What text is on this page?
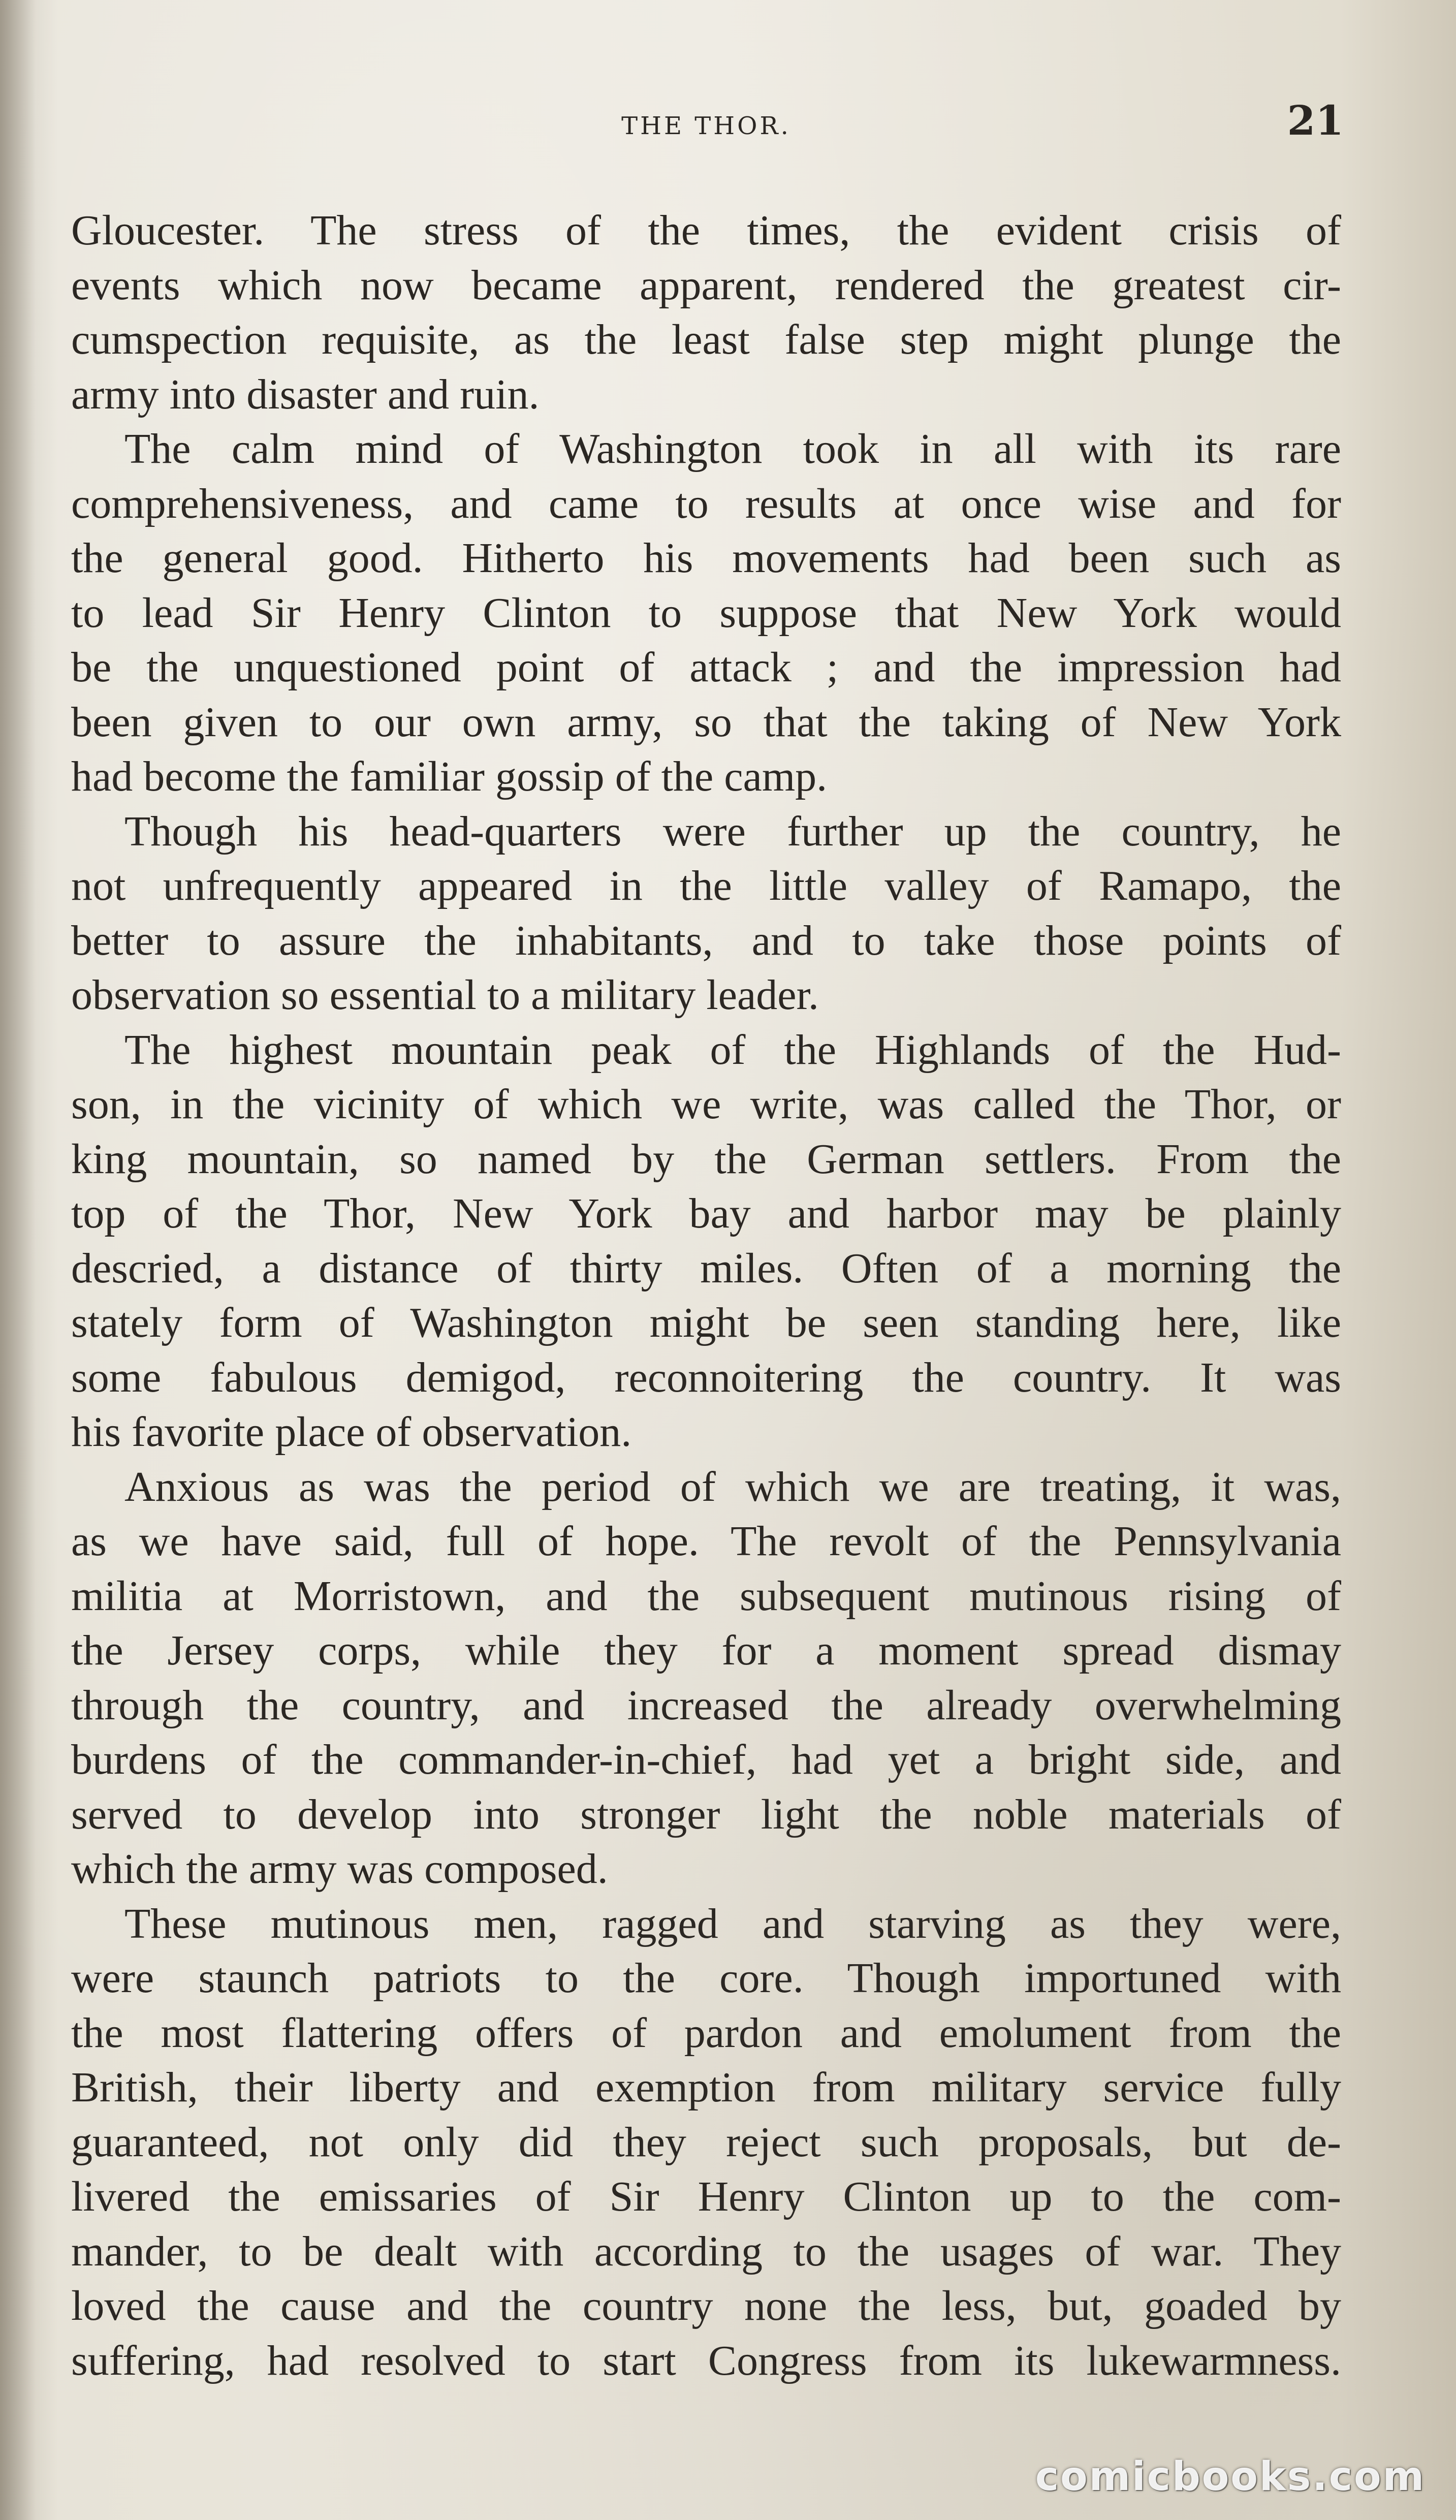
THE THOR.	21
Gloucester. The stress of the times, the evident crisis of
events which now became apparent, rendered the greatest cir-
cumspection requisite, as the least false step might plunge the
army into disaster and ruin.
The calm mind of Washington took in all with its rare
comprehensiveness, and came to results at once wise and for
the general good. Hitherto his movements had been such as
to lead Sir Henry Clinton to suppose that New York would
be the unquestioned point of attack ; and the impression had
been given to our own army, so that the taking of New York
had become the familiar gossip of the camp.
Though his head-quarters were further up the country, he
not unfrequently appeared in the little valley of Ramapo, the
better to assure the inhabitants, and to take those points of
observation so essential to a military leader.
The highest mountain peak of the Highlands of the Hud-
son, in the vicinity of which we write, was called the Thor, or
king mountain, so named by the German settlers. From the
top of the Thor, New York bay and harbor may be plainly
descried, a distance of thirty miles. Often of a morning the
stately form of Washington might be seen standing here, like
some fabulous demigod, reconnoitering the country. It was
his favorite place of observation.
Anxious as was the period of which we are treating, it was,
as we have said, full of hope. The revolt of the Pennsylvania
militia at Morristown, and the subsequent mutinous rising of
the Jersey corps, while they for a moment spread dismay
through the country, and increased the already overwhelming
burdens of the commander-in-chief, had yet a bright side, and
served to develop into stronger light the noble materials of
which the army was composed.
These mutinous men, ragged and starving as they were,
were staunch patriots to the core. Though importuned with
the most flattering offers of pardon and emolument from the
British, their liberty and exemption from military service fully
guaranteed, not only did they reject such proposals, but de-
livered the emissaries of Sir Henry Clinton up to the com-
mander, to be dealt with according to the usages of war. They
loved the cause and the country none the less, but, goaded by
suffering, had resolved to start Congress from its lukewarmness.
comicbooks.com
